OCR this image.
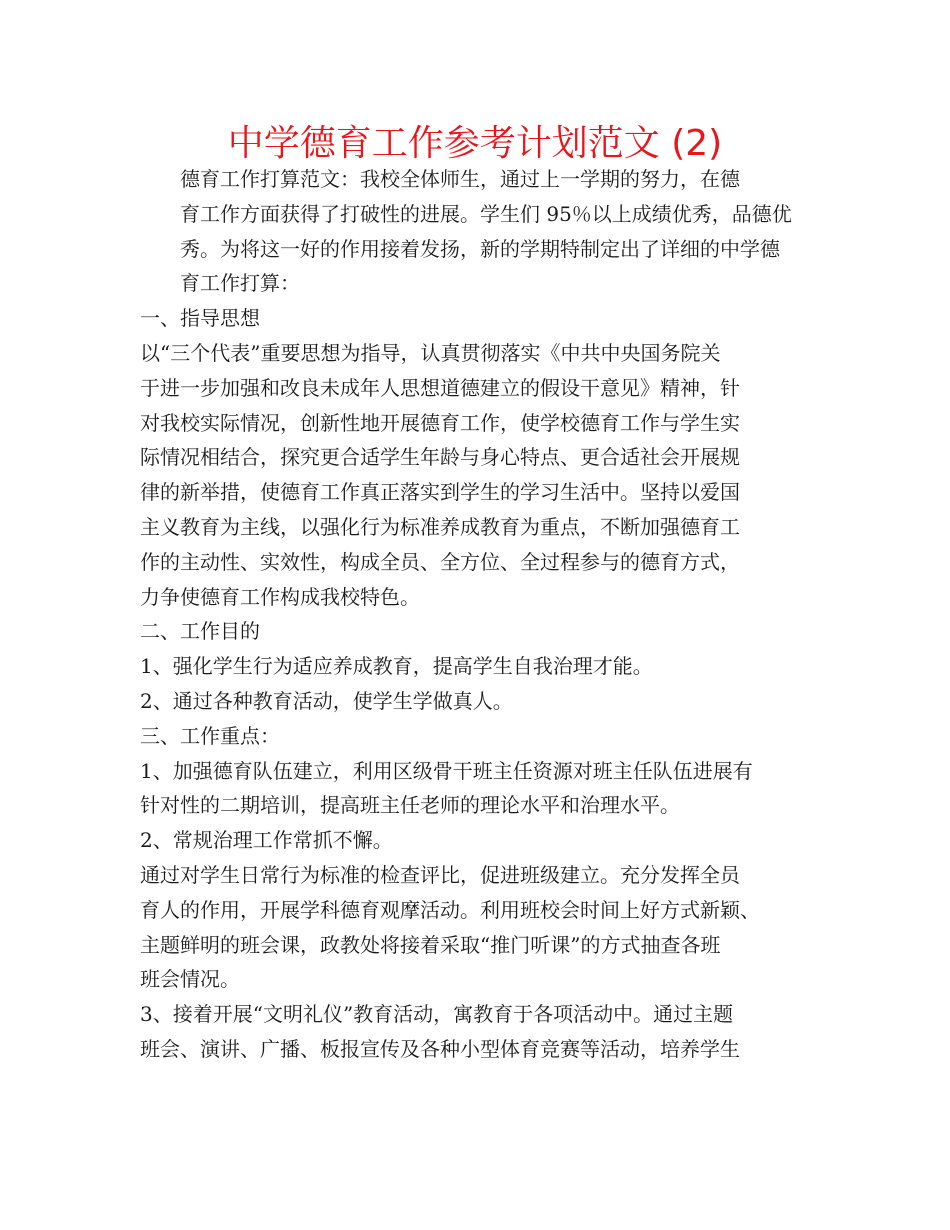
中学德育工作参考计划范文 (2)
德育工作打算范文：我校全体师生，通过上一学期的努力，在德
育工作方面获得了打破性的进展。学生们 95％以上成绩优秀，品德优
秀。为将这一好的作用接着发扬，新的学期特制定出了详细的中学德
育工作打算：
一、指导思想
以“三个代表”重要思想为指导，认真贯彻落实《中共中央国务院关
于进一步加强和改良未成年人思想道德建立的假设干意见》精神，针
对我校实际情况，创新性地开展德育工作，使学校德育工作与学生实
际情况相结合，探究更合适学生年龄与身心特点、更合适社会开展规
律的新举措，使德育工作真正落实到学生的学习生活中。坚持以爱国
主义教育为主线，以强化行为标准养成教育为重点，不断加强德育工
作的主动性、实效性，构成全员、全方位、全过程参与的德育方式，
力争使德育工作构成我校特色。
二、工作目的
1、强化学生行为适应养成教育，提高学生自我治理才能。
2、通过各种教育活动，使学生学做真人。
三、工作重点：
1、加强德育队伍建立，利用区级骨干班主任资源对班主任队伍进展有
针对性的二期培训，提高班主任老师的理论水平和治理水平。
2、常规治理工作常抓不懈。
通过对学生日常行为标准的检查评比，促进班级建立。充分发挥全员
育人的作用，开展学科德育观摩活动。利用班校会时间上好方式新颖、
主题鲜明的班会课，政教处将接着采取“推门听课”的方式抽查各班
班会情况。
3、接着开展“文明礼仪”教育活动，寓教育于各项活动中。通过主题
班会、演讲、广播、板报宣传及各种小型体育竞赛等活动，培养学生
